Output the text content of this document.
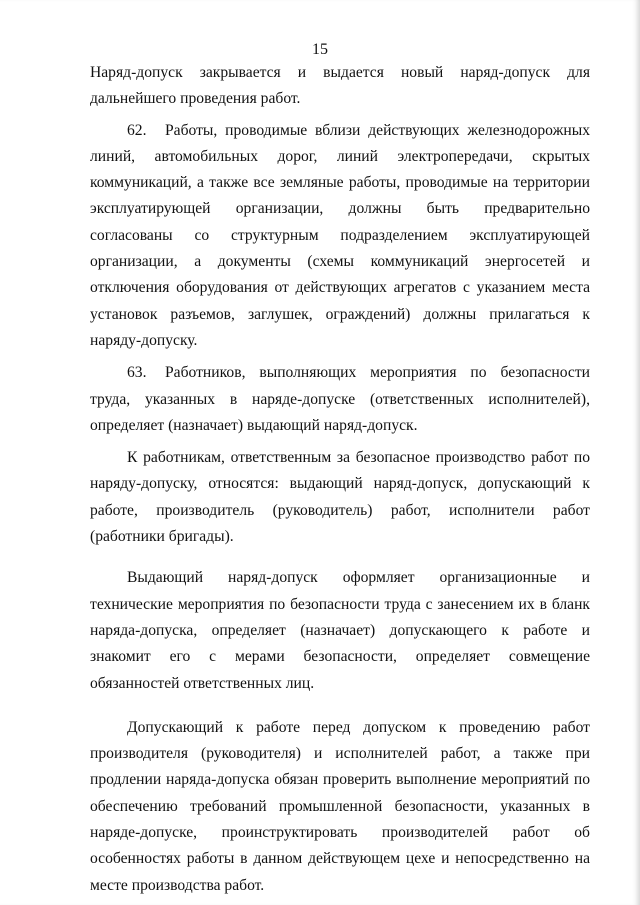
15

Наряд-допуск закрывается и выдается новый наряд-допуск для дальнейшего проведения работ.

62. Работы, проводимые вблизи действующих железнодорожных линий, автомобильных дорог, линий электропередачи, скрытых коммуникаций, а также все земляные работы, проводимые на территории эксплуатирующей организации, должны быть предварительно согласованы со структурным подразделением эксплуатирующей организации, а документы (схемы коммуникаций энергосетей и отключения оборудования от действующих агрегатов с указанием места установок разъемов, заглушек, ограждений) должны прилагаться к наряду-допуску.

63. Работников, выполняющих мероприятия по безопасности труда, указанных в наряде-допуске (ответственных исполнителей), определяет (назначает) выдающий наряд-допуск.

К работникам, ответственным за безопасное производство работ по наряду-допуску, относятся: выдающий наряд-допуск, допускающий к работе, производитель (руководитель) работ, исполнители работ (работники бригады).

Выдающий наряд-допуск оформляет организационные и технические мероприятия по безопасности труда с занесением их в бланк наряда-допуска, определяет (назначает) допускающего к работе и знакомит его с мерами безопасности, определяет совмещение обязанностей ответственных лиц.

Допускающий к работе перед допуском к проведению работ производителя (руководителя) и исполнителей работ, а также при продлении наряда-допуска обязан проверить выполнение мероприятий по обеспечению требований промышленной безопасности, указанных в наряде-допуске, проинструктировать производителей работ об особенностях работы в данном действующем цехе и непосредственно на месте производства работ.
